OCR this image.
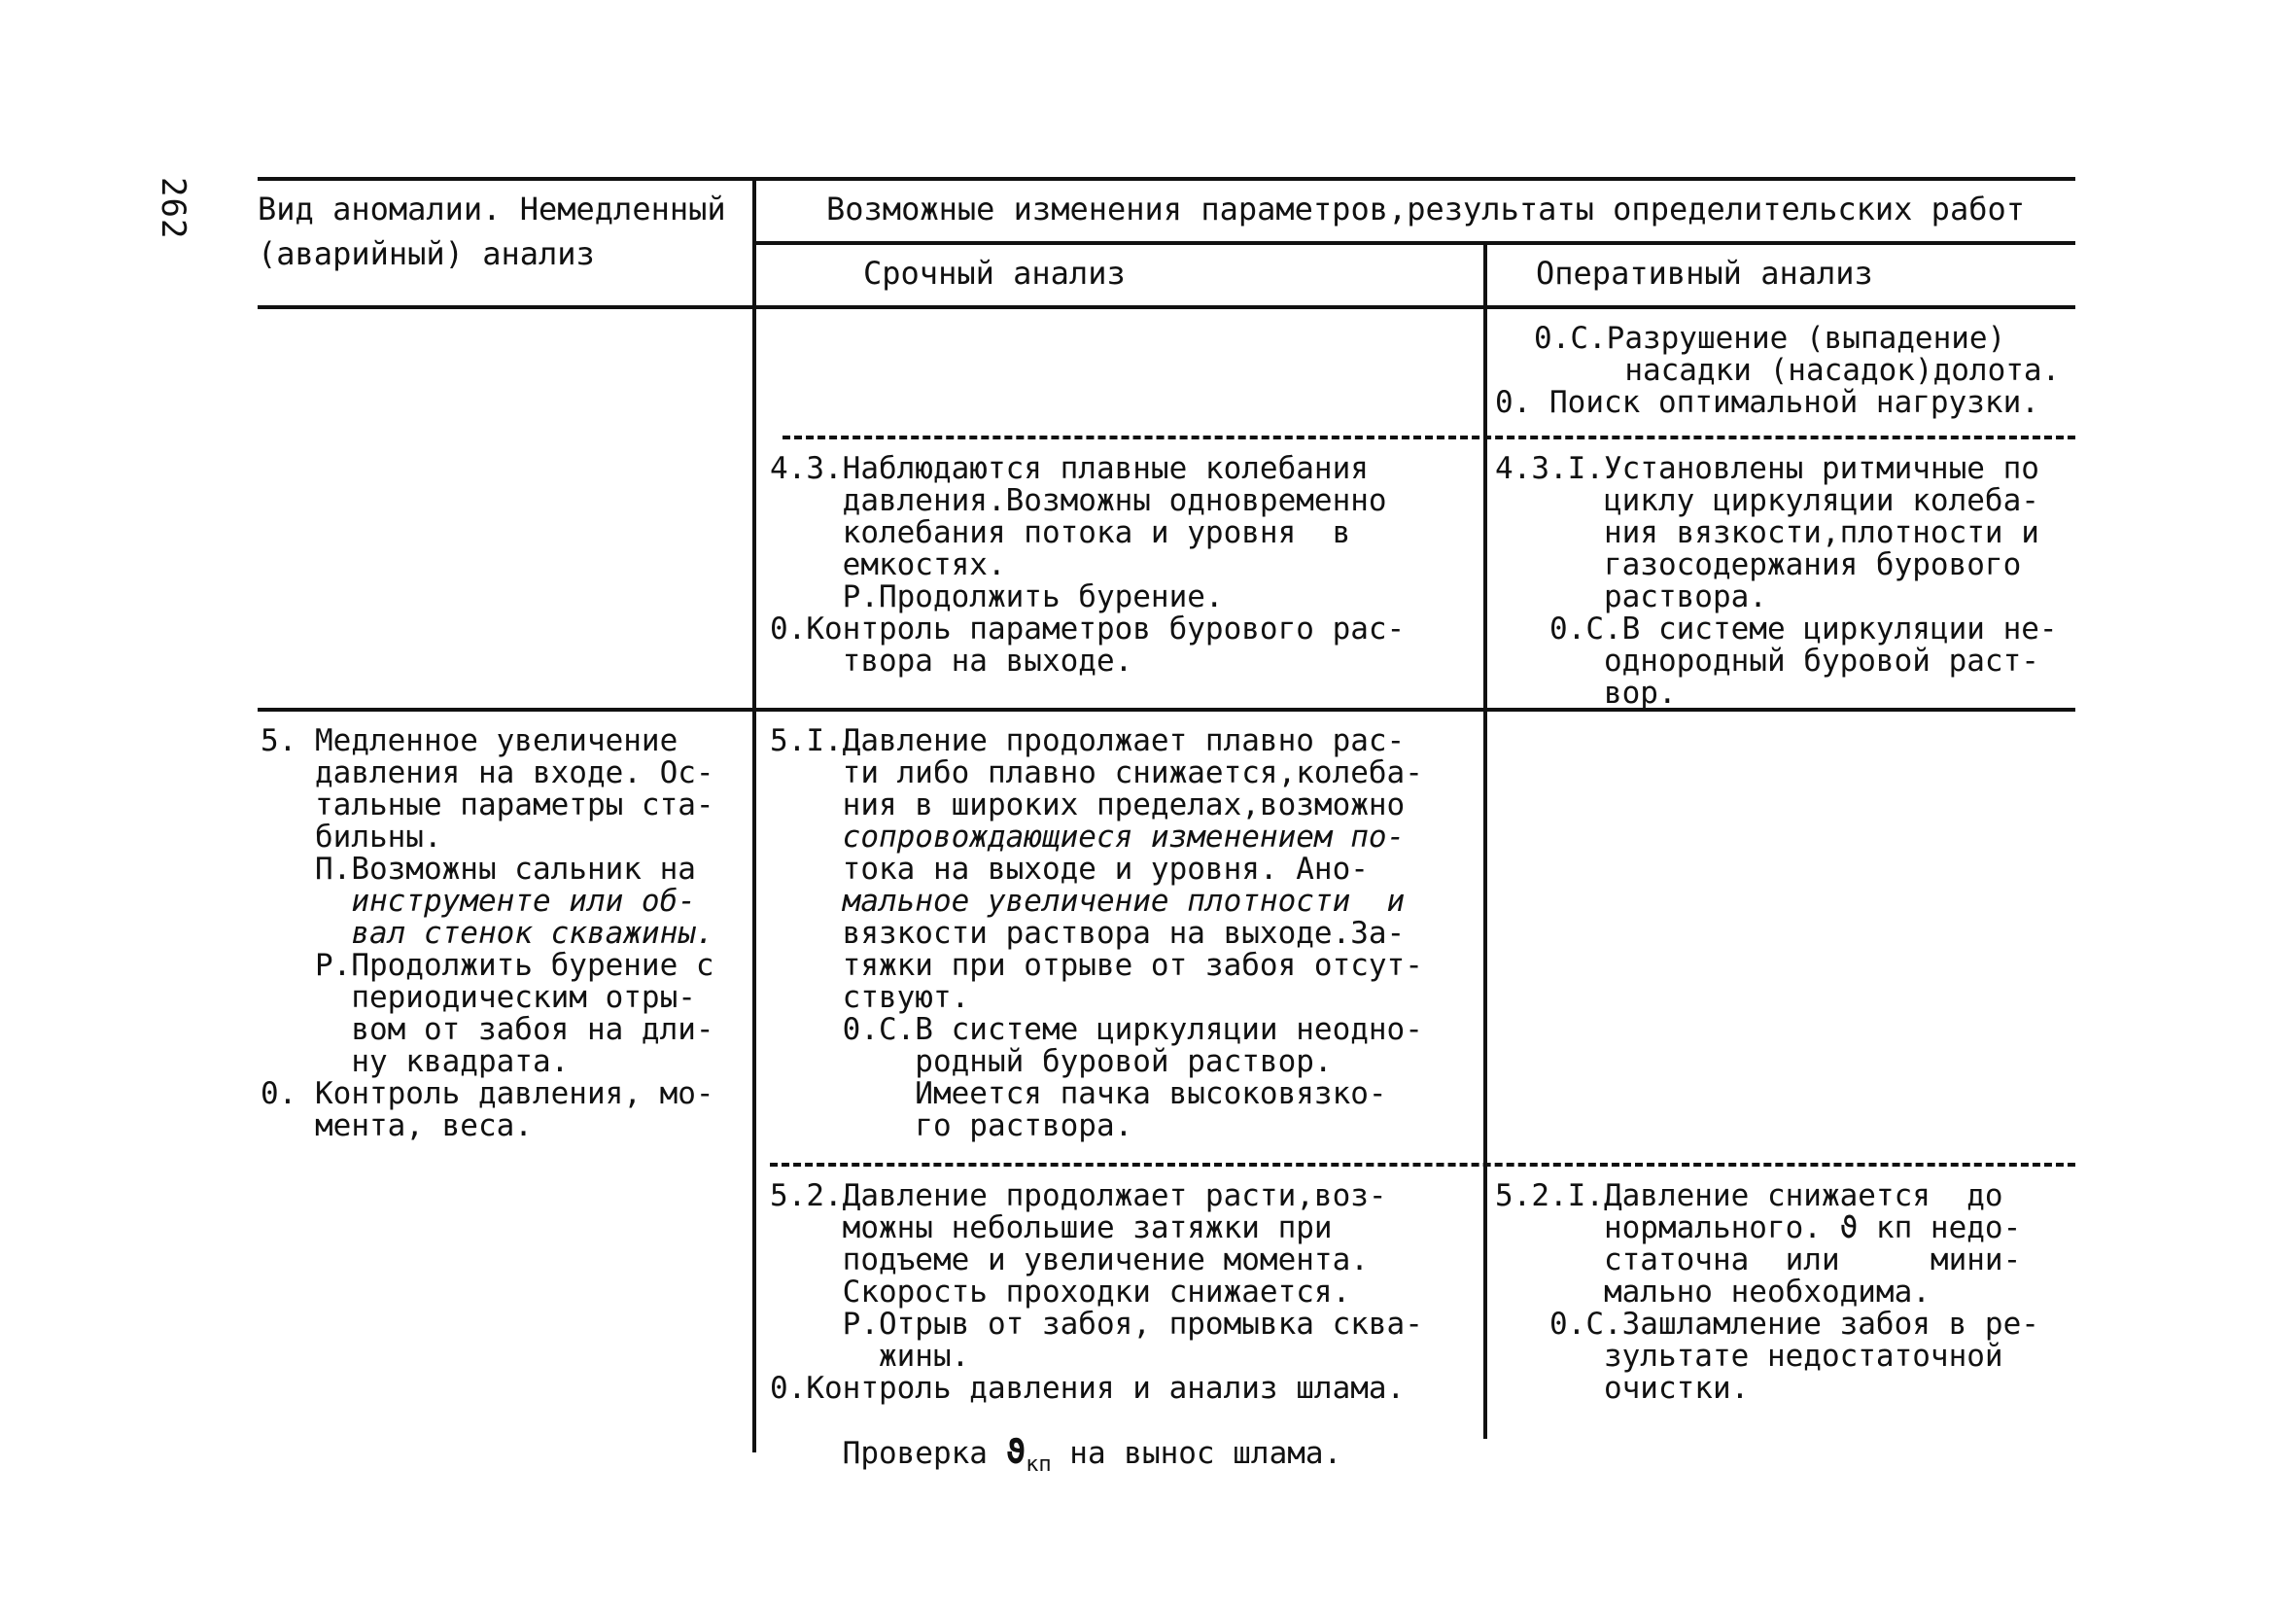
262 Вид аномалии. Немедленный
(аварийный) анализ
Возможные изменения параметров,результаты определительских работ
Срочный анализ	Оперативный анализ
0.С.Разрушение (выпадение)
насадки (насадок)долота.
0. Поиск оптимальной нагрузки.
4.3.Наблюдаются плавные колебания
давления.Возможны одновременно
колебания потока и уровня  в
емкостях.
Р.Продолжить бурение.
0.Контроль параметров бурового рас-
твора на выходе.
4.3.I.Установлены ритмичные по
циклу циркуляции колеба-
ния вязкости,плотности и
газосодержания бурового
раствора.
0.С.В системе циркуляции не-
однородный буровой раст-
вор.
5. Медленное увеличение
давления на входе. Ос-
тальные параметры ста-
бильны.
П.Возможны сальник на
инструменте или об-
вал стенок скважины.
Р.Продолжить бурение с
периодическим отры-
вом от забоя на дли-
ну квадрата.
0. Контроль давления, мо-
мента, веса.
5.I.Давление продолжает плавно рас-
ти либо плавно снижается,колеба-
ния в широких пределах,возможно
сопровождающиеся изменением по-
тока на выходе и уровня. Ано-
мальное увеличение плотности  и
вязкости раствора на выходе.За-
тяжки при отрыве от забоя отсут-
ствуют.
0.С.В системе циркуляции неодно-
родный буровой раствор.
Имеется пачка высоковязко-
го раствора.
5.2.Давление продолжает расти,воз-
можны небольшие затяжки при
подъеме и увеличение момента.
Скорость проходки снижается.
Р.Отрыв от забоя, промывка сква-
жины.
0.Контроль давления и анализ шлама.

Проверка $ϑ_{кп}$ на вынос шлама.

5.2.I.Давление снижается  до
нормального. ϑ кп недо-
статочна  или     мини-
мально необходима.
0.С.Зашламление забоя в ре-
зультате недостаточной
очистки.
